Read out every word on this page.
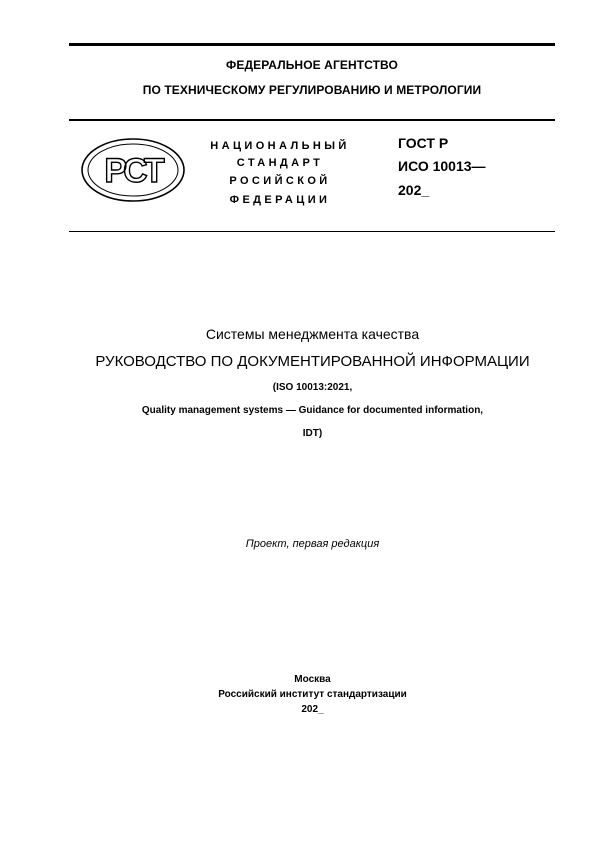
ФЕДЕРАЛЬНОЕ АГЕНТСТВО
ПО ТЕХНИЧЕСКОМУ РЕГУЛИРОВАНИЮ И МЕТРОЛОГИИ
РСТ
НАЦИОНАЛЬНЫЙ
СТАНДАРТ
РОСИЙСКОЙ
ФЕДЕРАЦИИ
ГОСТ Р
ИСО 10013—
202_
Системы менеджмента качества
РУКОВОДСТВО ПО ДОКУМЕНТИРОВАННОЙ ИНФОРМАЦИИ
(ISO 10013:2021,
Quality management systems — Guidance for documented information,
IDT)
Проект, первая редакция
Москва
Российский институт стандартизации
202_
